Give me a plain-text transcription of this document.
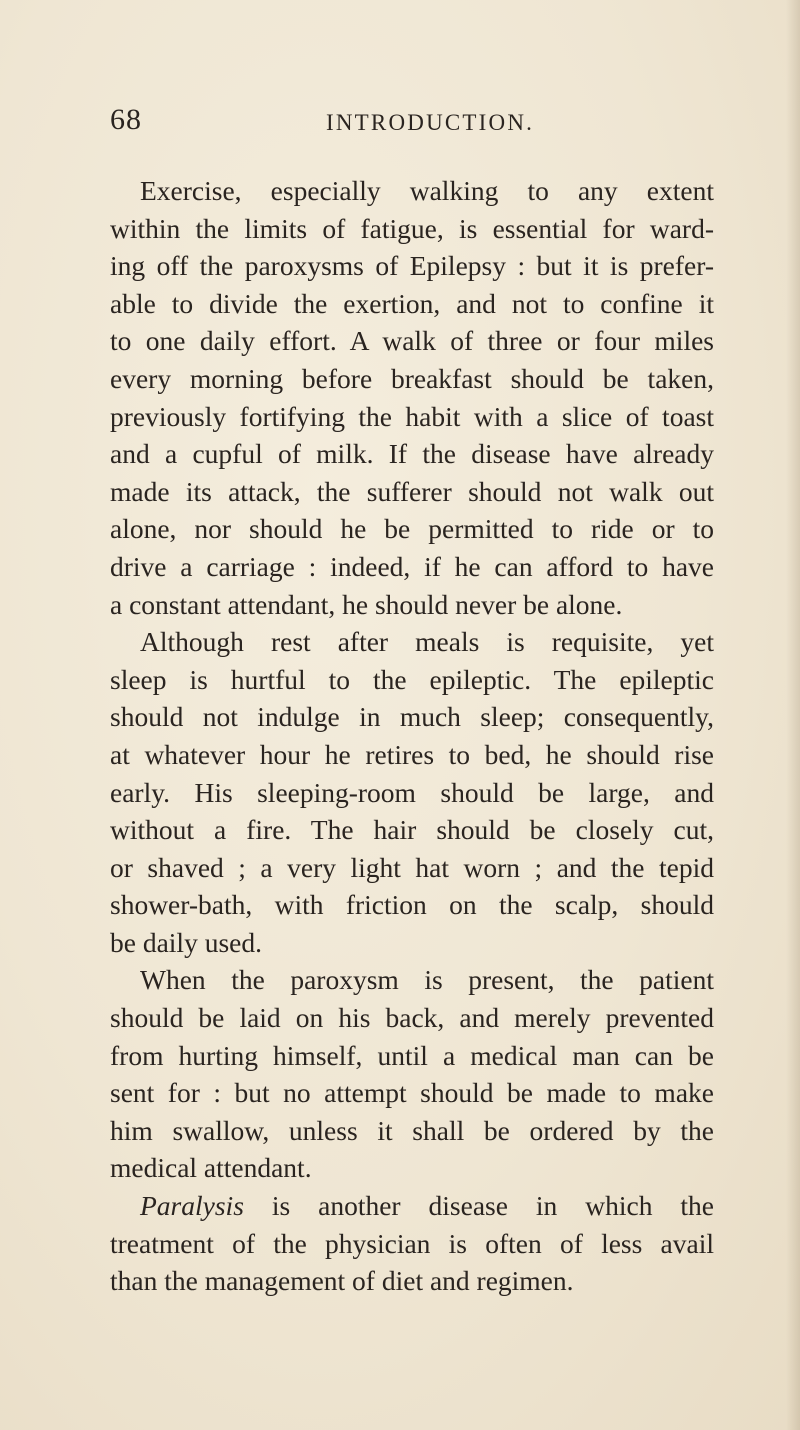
68	INTRODUCTION.

Exercise, especially walking to any extent
within the limits of fatigue, is essential for ward-
ing off the paroxysms of Epilepsy : but it is prefer-
able to divide the exertion, and not to confine it
to one daily effort. A walk of three or four miles
every morning before breakfast should be taken,
previously fortifying the habit with a slice of toast
and a cupful of milk. If the disease have already
made its attack, the sufferer should not walk out
alone, nor should he be permitted to ride or to
drive a carriage : indeed, if he can afford to have
a constant attendant, he should never be alone.

Although rest after meals is requisite, yet
sleep is hurtful to the epileptic. The epileptic
should not indulge in much sleep; consequently,
at whatever hour he retires to bed, he should rise
early. His sleeping-room should be large, and
without a fire. The hair should be closely cut,
or shaved ; a very light hat worn ; and the tepid
shower-bath, with friction on the scalp, should
be daily used.

When the paroxysm is present, the patient
should be laid on his back, and merely prevented
from hurting himself, until a medical man can be
sent for : but no attempt should be made to make
him swallow, unless it shall be ordered by the
medical attendant.

Paralysis is another disease in which the
treatment of the physician is often of less avail
than the management of diet and regimen.
